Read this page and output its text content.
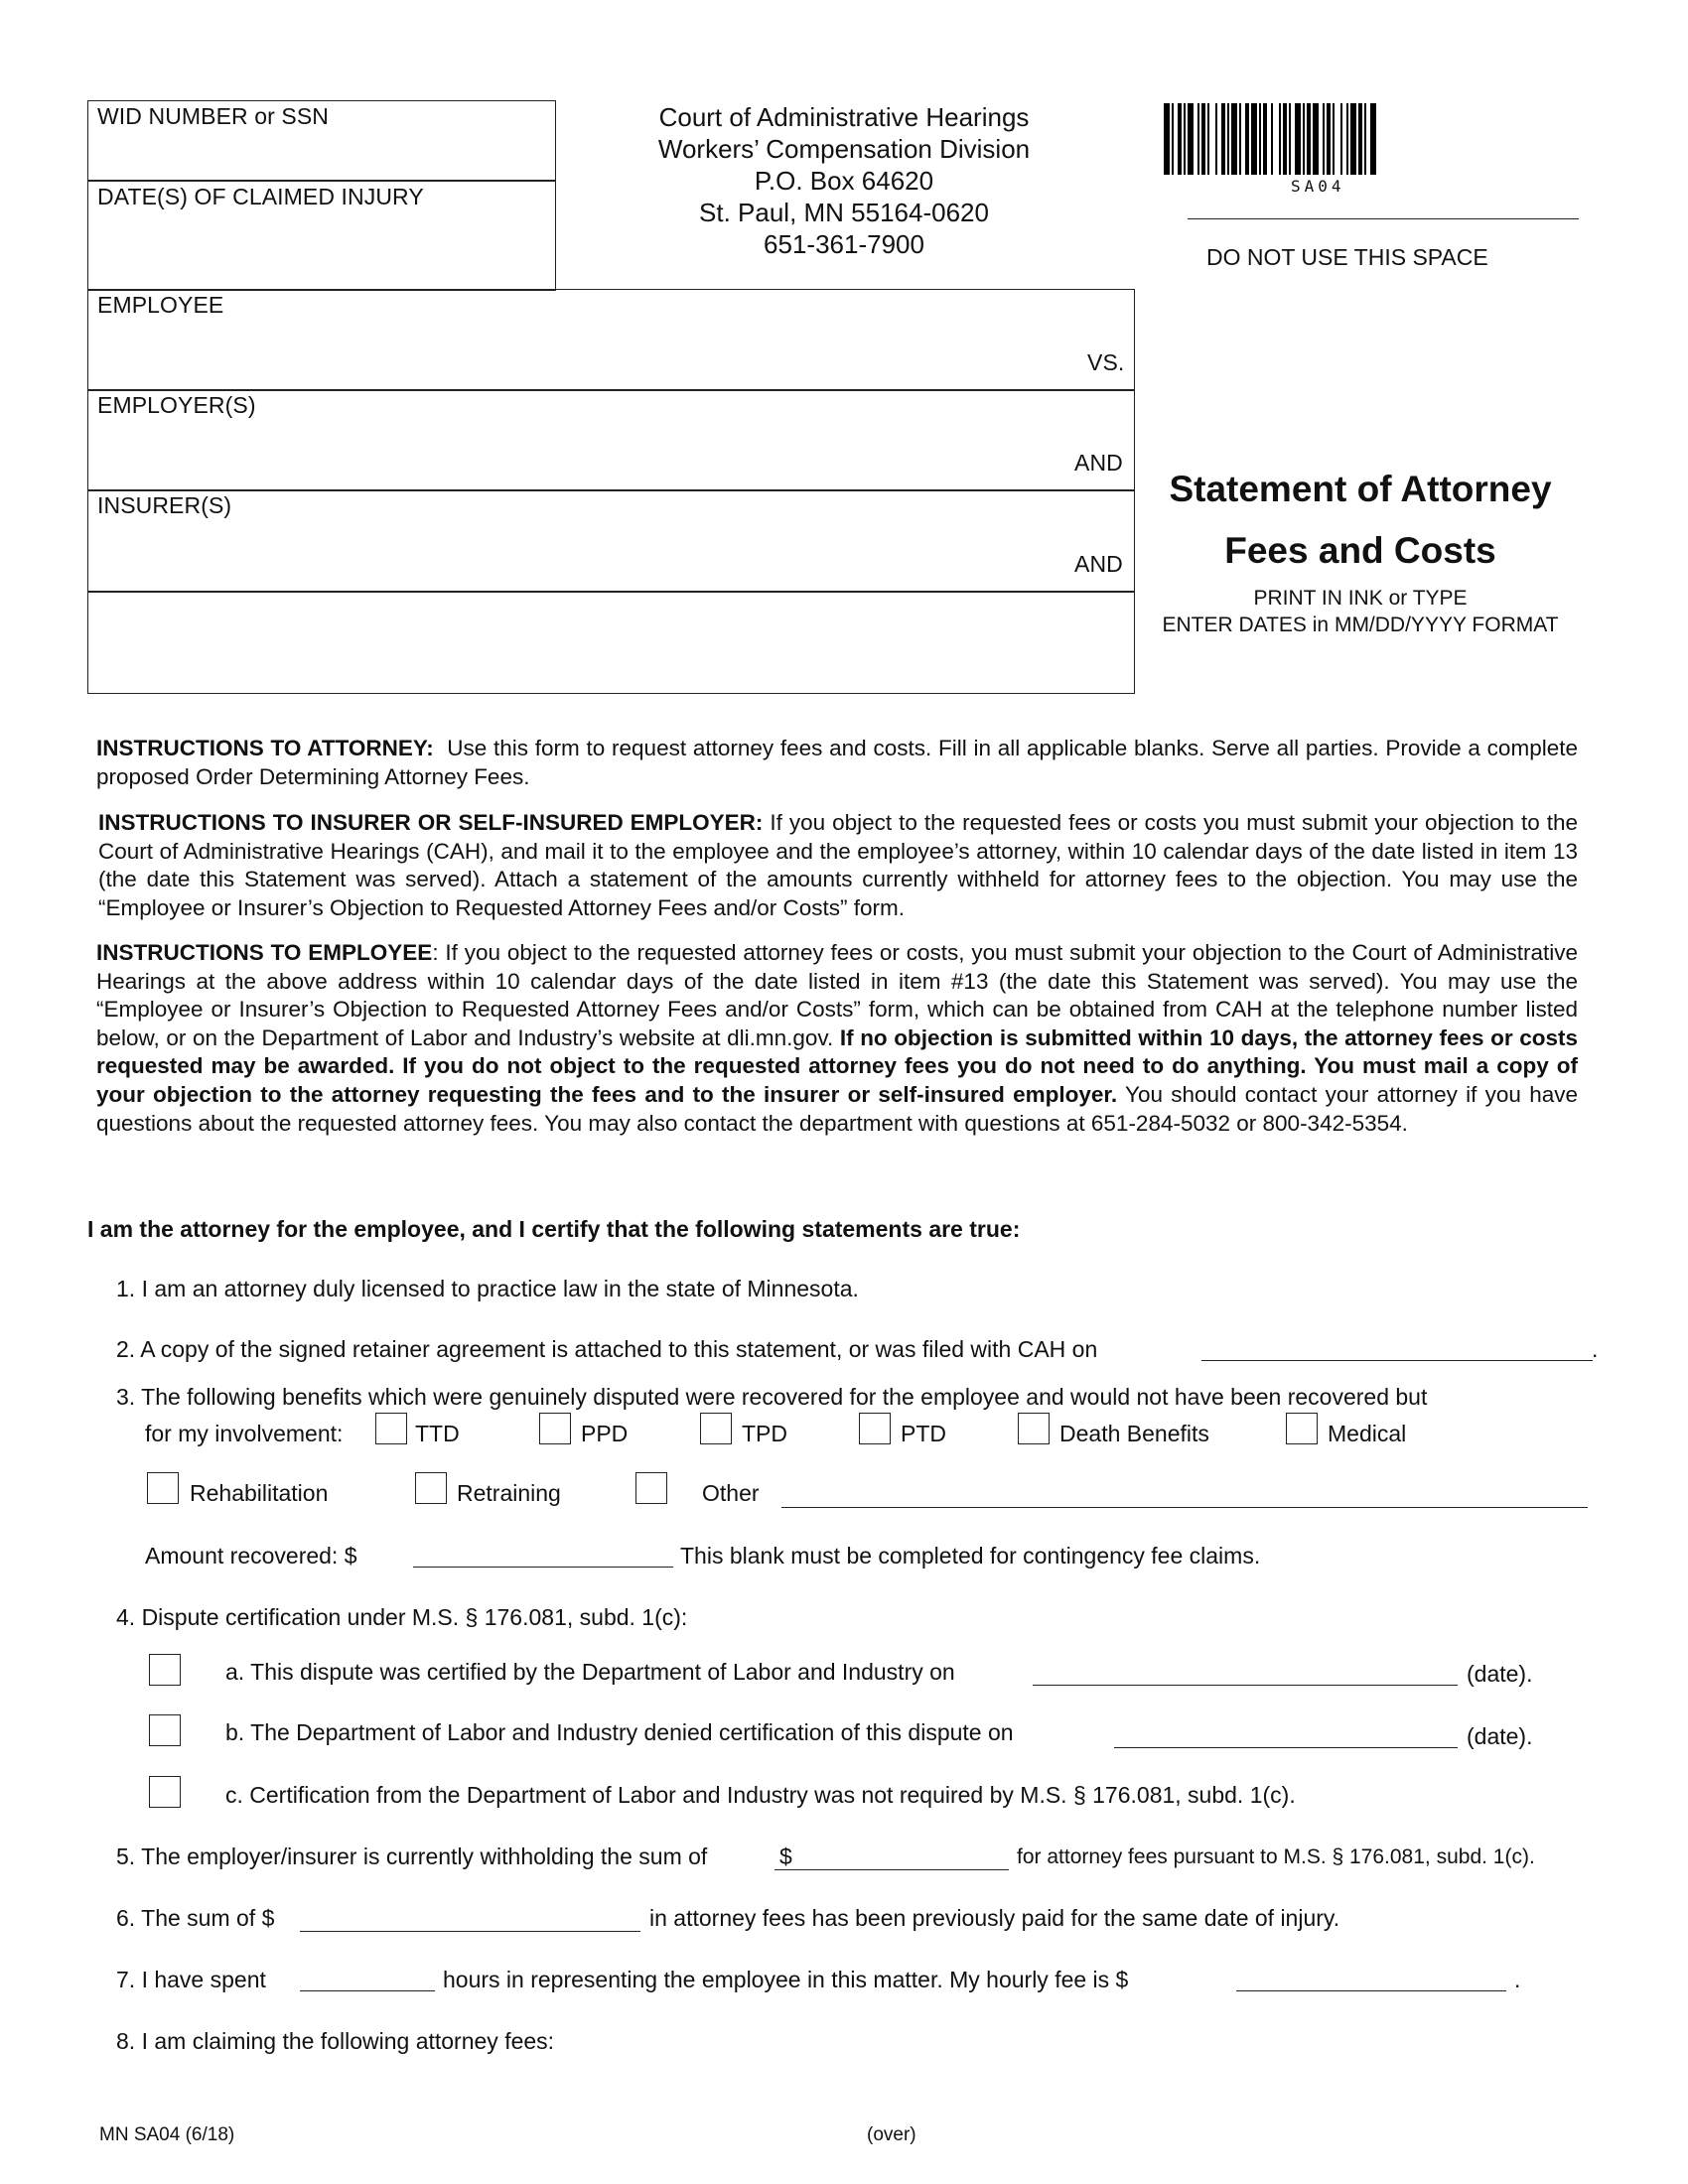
WID NUMBER or SSN
DATE(S) OF CLAIMED INJURY
Court of Administrative Hearings
Workers’ Compensation Division
P.O. Box 64620
St. Paul, MN 55164-0620
651-361-7900
SA04
DO NOT USE THIS SPACE
EMPLOYEE
VS.
EMPLOYER(S)
AND
INSURER(S)
AND
Statement of Attorney
Fees and Costs
PRINT IN INK or TYPE
ENTER DATES in MM/DD/YYYY FORMAT
INSTRUCTIONS TO ATTORNEY: Use this form to request attorney fees and costs. Fill in all applicable blanks. Serve all parties. Provide a complete proposed Order Determining Attorney Fees.
INSTRUCTIONS TO INSURER OR SELF-INSURED EMPLOYER: If you object to the requested fees or costs you must submit your objection to the Court of Administrative Hearings (CAH), and mail it to the employee and the employee’s attorney, within 10 calendar days of the date listed in item 13 (the date this Statement was served). Attach a statement of the amounts currently withheld for attorney fees to the objection. You may use the “Employee or Insurer’s Objection to Requested Attorney Fees and/or Costs” form.
INSTRUCTIONS TO EMPLOYEE: If you object to the requested attorney fees or costs, you must submit your objection to the Court of Administrative Hearings at the above address within 10 calendar days of the date listed in item #13 (the date this Statement was served). You may use the “Employee or Insurer’s Objection to Requested Attorney Fees and/or Costs” form, which can be obtained from CAH at the telephone number listed below, or on the Department of Labor and Industry’s website at dli.mn.gov. If no objection is submitted within 10 days, the attorney fees or costs requested may be awarded. If you do not object to the requested attorney fees you do not need to do anything. You must mail a copy of your objection to the attorney requesting the fees and to the insurer or self-insured employer. You should contact your attorney if you have questions about the requested attorney fees. You may also contact the department with questions at 651-284-5032 or 800-342-5354.
I am the attorney for the employee, and I certify that the following statements are true:
1. I am an attorney duly licensed to practice law in the state of Minnesota.
2. A copy of the signed retainer agreement is attached to this statement, or was filed with CAH on	.
3. The following benefits which were genuinely disputed were recovered for the employee and would not have been recovered but
for my involvement:	TTD	PPD	TPD	PTD	Death Benefits	Medical
Rehabilitation	Retraining	Other
Amount recovered: $	This blank must be completed for contingency fee claims.
4. Dispute certification under M.S. § 176.081, subd. 1(c):
a. This dispute was certified by the Department of Labor and Industry on	(date).
b. The Department of Labor and Industry denied certification of this dispute on	(date).
c. Certification from the Department of Labor and Industry was not required by M.S. § 176.081, subd. 1(c).
5. The employer/insurer is currently withholding the sum of	$	for attorney fees pursuant to M.S. § 176.081, subd. 1(c).
6. The sum of $	in attorney fees has been previously paid for the same date of injury.
7. I have spent	hours in representing the employee in this matter. My hourly fee is $	.
8. I am claiming the following attorney fees:
MN SA04 (6/18)	(over)
